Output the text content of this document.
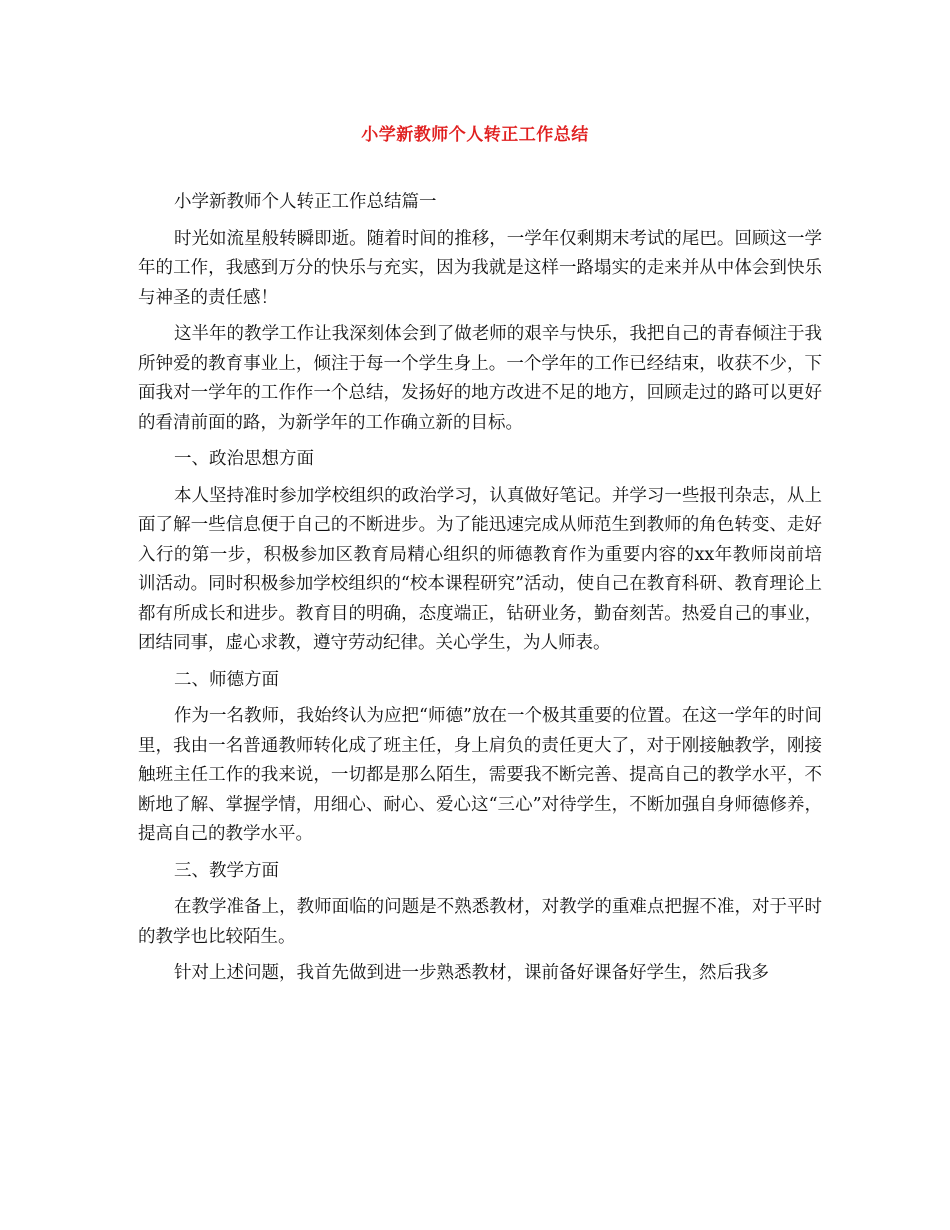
小学新教师个人转正工作总结

小学新教师个人转正工作总结篇一

时光如流星般转瞬即逝。随着时间的推移，一学年仅剩期末考试的尾巴。回顾这一学年的工作，我感到万分的快乐与充实，因为我就是这样一路塌实的走来并从中体会到快乐与神圣的责任感！

这半年的教学工作让我深刻体会到了做老师的艰辛与快乐，我把自己的青春倾注于我所钟爱的教育事业上，倾注于每一个学生身上。一个学年的工作已经结束，收获不少，下面我对一学年的工作作一个总结，发扬好的地方改进不足的地方，回顾走过的路可以更好的看清前面的路，为新学年的工作确立新的目标。

一、政治思想方面

本人坚持准时参加学校组织的政治学习，认真做好笔记。并学习一些报刊杂志，从上面了解一些信息便于自己的不断进步。为了能迅速完成从师范生到教师的角色转变、走好入行的第一步，积极参加区教育局精心组织的师德教育作为重要内容的xx年教师岗前培训活动。同时积极参加学校组织的“校本课程研究”活动，使自己在教育科研、教育理论上都有所成长和进步。教育目的明确，态度端正，钻研业务，勤奋刻苦。热爱自己的事业，团结同事，虚心求教，遵守劳动纪律。关心学生，为人师表。

二、师德方面

作为一名教师，我始终认为应把“师德”放在一个极其重要的位置。在这一学年的时间里，我由一名普通教师转化成了班主任，身上肩负的责任更大了，对于刚接触教学，刚接触班主任工作的我来说，一切都是那么陌生，需要我不断完善、提高自己的教学水平，不断地了解、掌握学情，用细心、耐心、爱心这“三心”对待学生，不断加强自身师德修养，提高自己的教学水平。

三、教学方面

在教学准备上，教师面临的问题是不熟悉教材，对教学的重难点把握不准，对于平时的教学也比较陌生。

针对上述问题，我首先做到进一步熟悉教材，课前备好课备好学生，然后我多
